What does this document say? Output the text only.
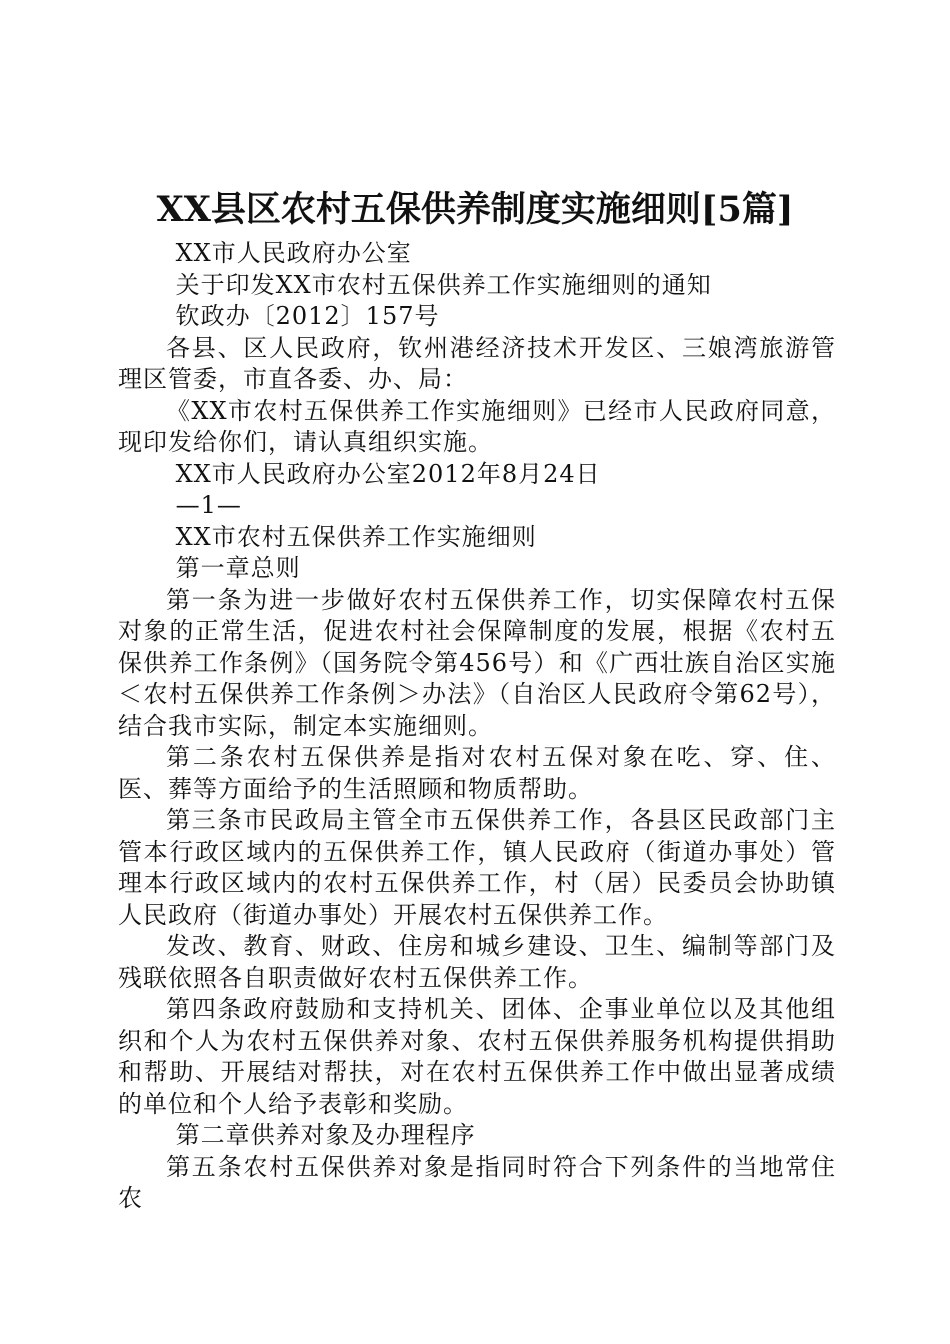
XX县区农村五保供养制度实施细则[5篇]

XX市人民政府办公室

关于印发XX市农村五保供养工作实施细则的通知

钦政办〔2012〕157号

各县、区人民政府，钦州港经济技术开发区、三娘湾旅游管理区管委，市直各委、办、局：

《XX市农村五保供养工作实施细则》已经市人民政府同意，现印发给你们，请认真组织实施。

XX市人民政府办公室2012年8月24日

—1—

XX市农村五保供养工作实施细则

第一章总则

第一条为进一步做好农村五保供养工作，切实保障农村五保对象的正常生活，促进农村社会保障制度的发展，根据《农村五保供养工作条例》（国务院令第456号）和《广西壮族自治区实施＜农村五保供养工作条例＞办法》（自治区人民政府令第62号），结合我市实际，制定本实施细则。

第二条农村五保供养是指对农村五保对象在吃、穿、住、医、葬等方面给予的生活照顾和物质帮助。

第三条市民政局主管全市五保供养工作，各县区民政部门主管本行政区域内的五保供养工作，镇人民政府（街道办事处）管理本行政区域内的农村五保供养工作，村（居）民委员会协助镇人民政府（街道办事处）开展农村五保供养工作。

发改、教育、财政、住房和城乡建设、卫生、编制等部门及残联依照各自职责做好农村五保供养工作。

第四条政府鼓励和支持机关、团体、企事业单位以及其他组织和个人为农村五保供养对象、农村五保供养服务机构提供捐助和帮助、开展结对帮扶，对在农村五保供养工作中做出显著成绩的单位和个人给予表彰和奖励。

第二章供养对象及办理程序

第五条农村五保供养对象是指同时符合下列条件的当地常住农
